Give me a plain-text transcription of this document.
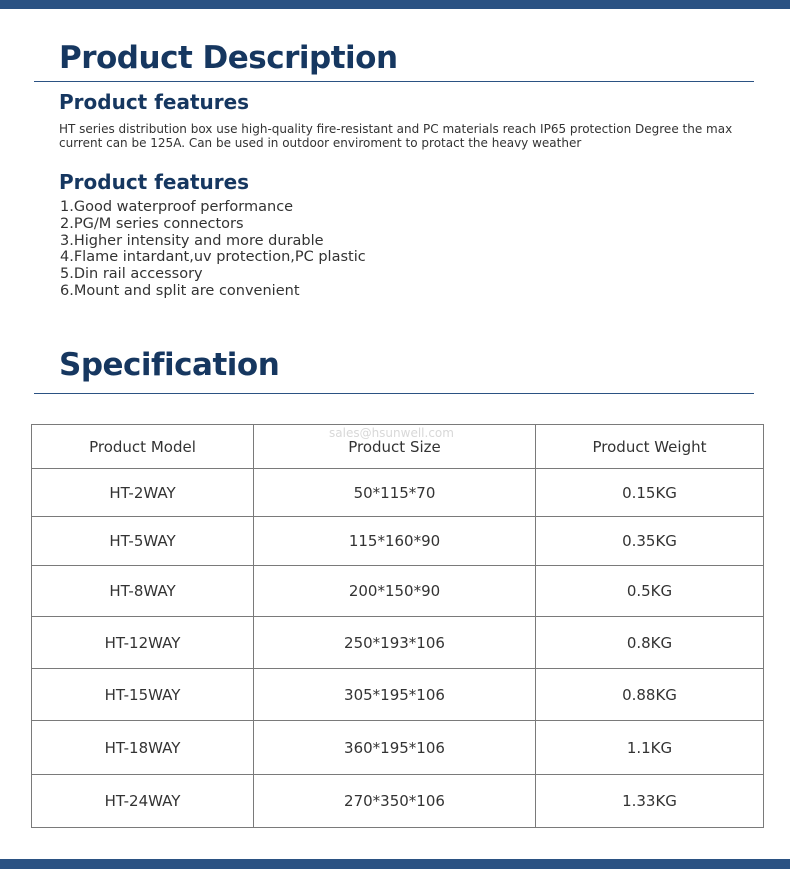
Product Description
Product features

HT series distribution box use high-quality fire-resistant and PC materials reach IP65 protection Degree the max current can be 125A. Can be used in outdoor enviroment to protact the heavy weather

Product features
1.Good waterproof performance
2.PG/M series connectors
3.Higher intensity and more durable
4.Flame intardant,uv protection,PC plastic
5.Din rail accessory
6.Mount and split are convenient
Specification
Product Model	Product Size	Product Weight
HT-2WAY	50*115*70	0.15KG
HT-5WAY	115*160*90	0.35KG
HT-8WAY	200*150*90	0.5KG
HT-12WAY	250*193*106	0.8KG
HT-15WAY	305*195*106	0.88KG
HT-18WAY	360*195*106	1.1KG
HT-24WAY	270*350*106	1.33KG
sales@hsunwell.com
